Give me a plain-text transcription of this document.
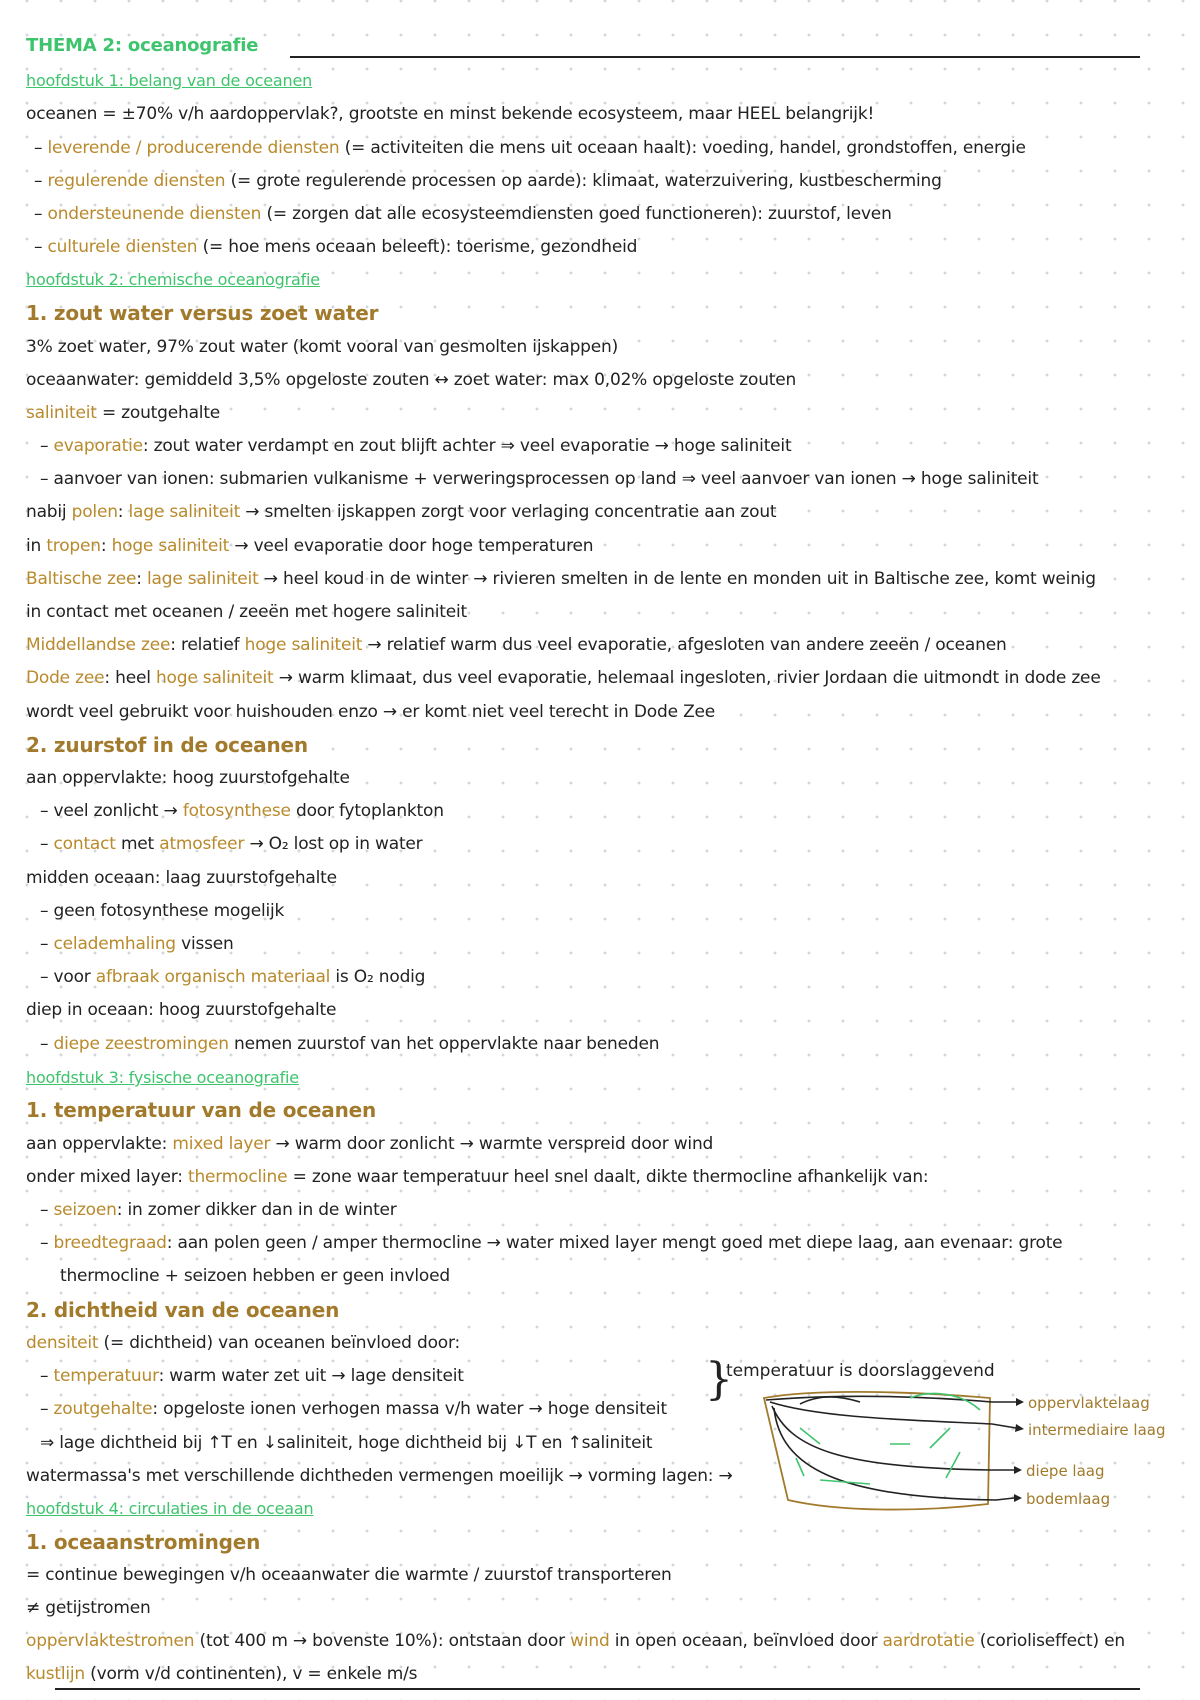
THEMA 2: oceanografie
hoofdstuk 1: belang van de oceanen
oceanen = ±70% v/h aardoppervlak?, grootste en minst bekende ecosysteem, maar HEEL belangrijk!
– leverende / producerende diensten (= activiteiten die mens uit oceaan haalt): voeding, handel, grondstoffen, energie
– regulerende diensten (= grote regulerende processen op aarde): klimaat, waterzuivering, kustbescherming
– ondersteunende diensten (= zorgen dat alle ecosysteemdiensten goed functioneren): zuurstof, leven
– culturele diensten (= hoe mens oceaan beleeft): toerisme, gezondheid
hoofdstuk 2: chemische oceanografie
1. zout water versus zoet water
3% zoet water, 97% zout water (komt vooral van gesmolten ijskappen)
oceaanwater: gemiddeld 3,5% opgeloste zouten ↔ zoet water: max 0,02% opgeloste zouten
saliniteit = zoutgehalte
– evaporatie: zout water verdampt en zout blijft achter ⇒ veel evaporatie → hoge saliniteit
– aanvoer van ionen: submarien vulkanisme + verweringsprocessen op land ⇒ veel aanvoer van ionen → hoge saliniteit
nabij polen: lage saliniteit → smelten ijskappen zorgt voor verlaging concentratie aan zout
in tropen: hoge saliniteit → veel evaporatie door hoge temperaturen
Baltische zee: lage saliniteit → heel koud in de winter → rivieren smelten in de lente en monden uit in Baltische zee, komt weinig
in contact met oceanen / zeeën met hogere saliniteit
Middellandse zee: relatief hoge saliniteit → relatief warm dus veel evaporatie, afgesloten van andere zeeën / oceanen
Dode zee: heel hoge saliniteit → warm klimaat, dus veel evaporatie, helemaal ingesloten, rivier Jordaan die uitmondt in dode zee
wordt veel gebruikt voor huishouden enzo → er komt niet veel terecht in Dode Zee
2. zuurstof in de oceanen
aan oppervlakte: hoog zuurstofgehalte
– veel zonlicht → fotosynthese door fytoplankton
– contact met atmosfeer → O₂ lost op in water
midden oceaan: laag zuurstofgehalte
– geen fotosynthese mogelijk
– celademhaling vissen
– voor afbraak organisch materiaal is O₂ nodig
diep in oceaan: hoog zuurstofgehalte
– diepe zeestromingen nemen zuurstof van het oppervlakte naar beneden
hoofdstuk 3: fysische oceanografie
1. temperatuur van de oceanen
aan oppervlakte: mixed layer → warm door zonlicht → warmte verspreid door wind
onder mixed layer: thermocline = zone waar temperatuur heel snel daalt, dikte thermocline afhankelijk van:
– seizoen: in zomer dikker dan in de winter
– breedtegraad: aan polen geen / amper thermocline → water mixed layer mengt goed met diepe laag, aan evenaar: grote
thermocline + seizoen hebben er geen invloed
2. dichtheid van de oceanen
densiteit (= dichtheid) van oceanen beïnvloed door:
– temperatuur: warm water zet uit → lage densiteit
– zoutgehalte: opgeloste ionen verhogen massa v/h water → hoge densiteit
}
temperatuur is doorslaggevend
⇒ lage dichtheid bij ↑T en ↓saliniteit, hoge dichtheid bij ↓T en ↑saliniteit
watermassa's met verschillende dichtheden vermengen moeilijk → vorming lagen: →
oppervlaktelaag
intermediaire laag
diepe laag
bodemlaag
hoofdstuk 4: circulaties in de oceaan
1. oceaanstromingen
= continue bewegingen v/h oceaanwater die warmte / zuurstof transporteren
≠ getijstromen
oppervlaktestromen (tot 400 m → bovenste 10%): ontstaan door wind in open oceaan, beïnvloed door aardrotatie (corioliseffect) en
kustlijn (vorm v/d continenten), v = enkele m/s
